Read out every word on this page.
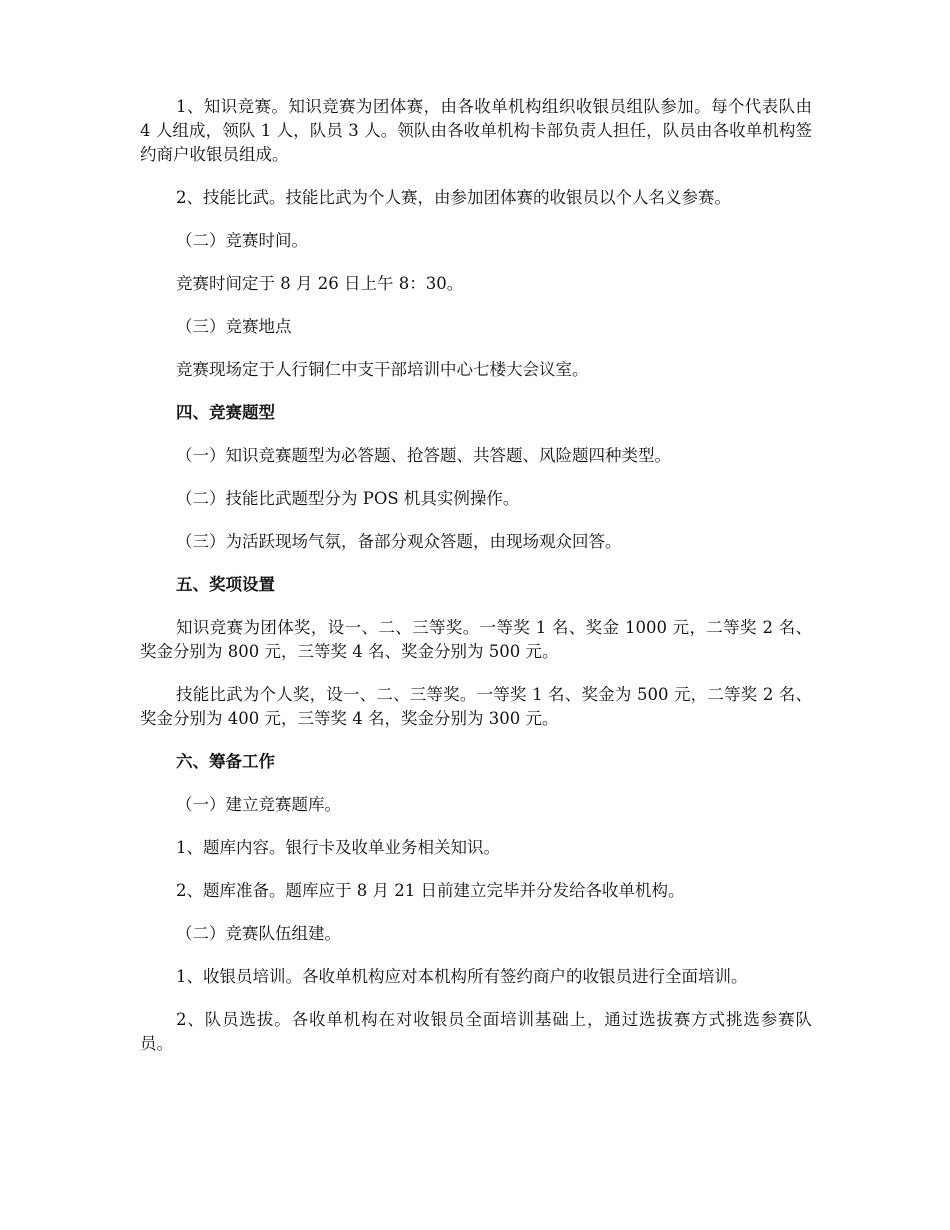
1、知识竞赛。知识竞赛为团体赛，由各收单机构组织收银员组队参加。每个代表队由 4 人组成，领队 1 人，队员 3 人。领队由各收单机构卡部负责人担任，队员由各收单机构签约商户收银员组成。

2、技能比武。技能比武为个人赛，由参加团体赛的收银员以个人名义参赛。

（二）竞赛时间。

竞赛时间定于 8 月 26 日上午 8：30。

（三）竞赛地点

竞赛现场定于人行铜仁中支干部培训中心七楼大会议室。

四、竞赛题型

（一）知识竞赛题型为必答题、抢答题、共答题、风险题四种类型。

（二）技能比武题型分为 POS 机具实例操作。

（三）为活跃现场气氛，备部分观众答题，由现场观众回答。

五、奖项设置

知识竞赛为团体奖，设一、二、三等奖。一等奖 1 名、奖金 1000 元，二等奖 2 名、奖金分别为 800 元，三等奖 4 名、奖金分别为 500 元。

技能比武为个人奖，设一、二、三等奖。一等奖 1 名、奖金为 500 元，二等奖 2 名、奖金分别为 400 元，三等奖 4 名，奖金分别为 300 元。

六、筹备工作

（一）建立竞赛题库。

1、题库内容。银行卡及收单业务相关知识。

2、题库准备。题库应于 8 月 21 日前建立完毕并分发给各收单机构。

（二）竞赛队伍组建。

1、收银员培训。各收单机构应对本机构所有签约商户的收银员进行全面培训。

2、队员选拔。各收单机构在对收银员全面培训基础上，通过选拔赛方式挑选参赛队员。
